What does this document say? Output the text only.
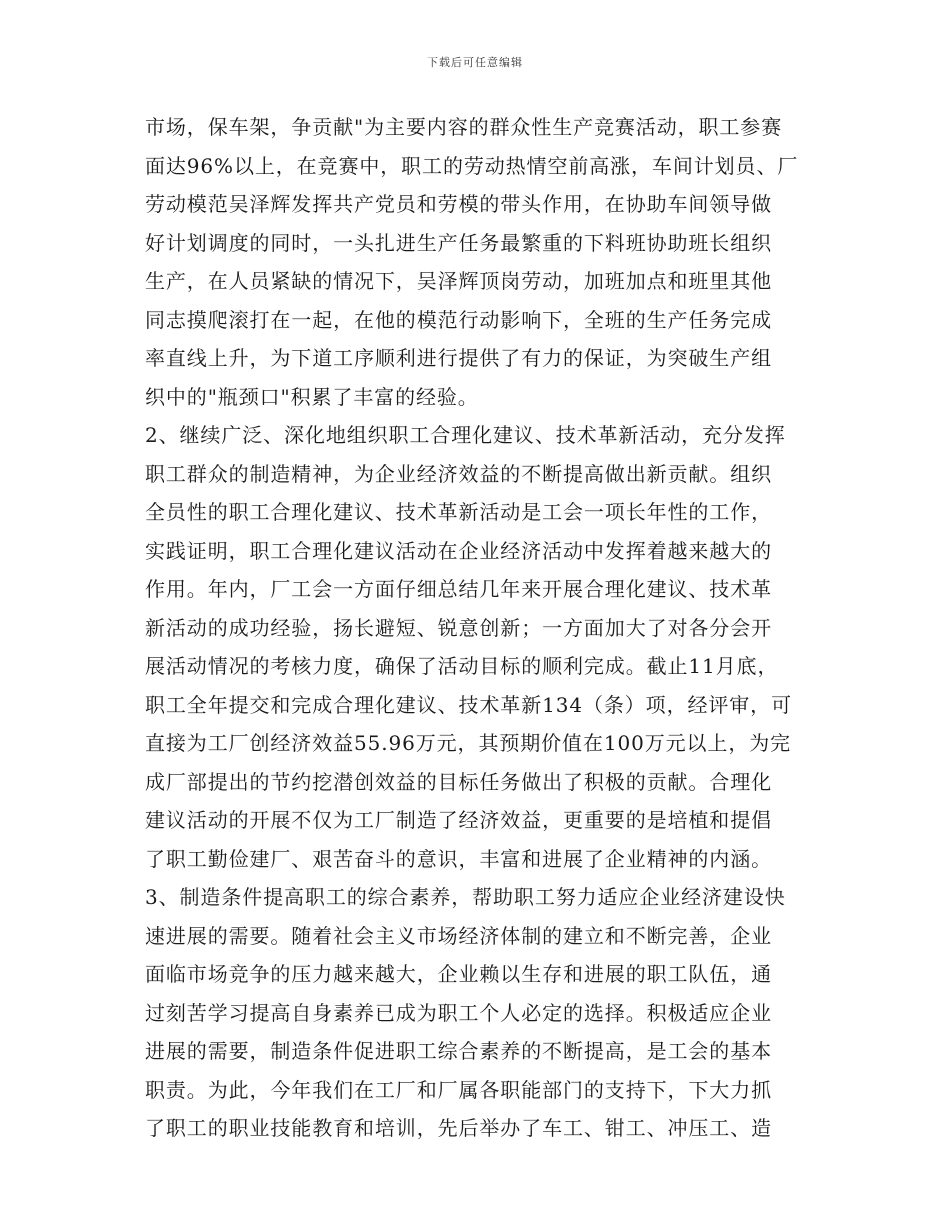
下载后可任意编辑
市场，保车架，争贡献"为主要内容的群众性生产竞赛活动，职工参赛
面达96%以上，在竞赛中，职工的劳动热情空前高涨，车间计划员、厂
劳动模范吴泽辉发挥共产党员和劳模的带头作用，在协助车间领导做
好计划调度的同时，一头扎进生产任务最繁重的下料班协助班长组织
生产，在人员紧缺的情况下，吴泽辉顶岗劳动，加班加点和班里其他
同志摸爬滚打在一起，在他的模范行动影响下，全班的生产任务完成
率直线上升，为下道工序顺利进行提供了有力的保证，为突破生产组
织中的"瓶颈口"积累了丰富的经验。
2、继续广泛、深化地组织职工合理化建议、技术革新活动，充分发挥
职工群众的制造精神，为企业经济效益的不断提高做出新贡献。组织
全员性的职工合理化建议、技术革新活动是工会一项长年性的工作，
实践证明，职工合理化建议活动在企业经济活动中发挥着越来越大的
作用。年内，厂工会一方面仔细总结几年来开展合理化建议、技术革
新活动的成功经验，扬长避短、锐意创新；一方面加大了对各分会开
展活动情况的考核力度，确保了活动目标的顺利完成。截止11月底，
职工全年提交和完成合理化建议、技术革新134（条）项，经评审，可
直接为工厂创经济效益55.96万元，其预期价值在100万元以上，为完
成厂部提出的节约挖潜创效益的目标任务做出了积极的贡献。合理化
建议活动的开展不仅为工厂制造了经济效益，更重要的是培植和提倡
了职工勤俭建厂、艰苦奋斗的意识，丰富和进展了企业精神的内涵。
3、制造条件提高职工的综合素养，帮助职工努力适应企业经济建设快
速进展的需要。随着社会主义市场经济体制的建立和不断完善，企业
面临市场竞争的压力越来越大，企业赖以生存和进展的职工队伍，通
过刻苦学习提高自身素养已成为职工个人必定的选择。积极适应企业
进展的需要，制造条件促进职工综合素养的不断提高，是工会的基本
职责。为此，今年我们在工厂和厂属各职能部门的支持下，下大力抓
了职工的职业技能教育和培训，先后举办了车工、钳工、冲压工、造
